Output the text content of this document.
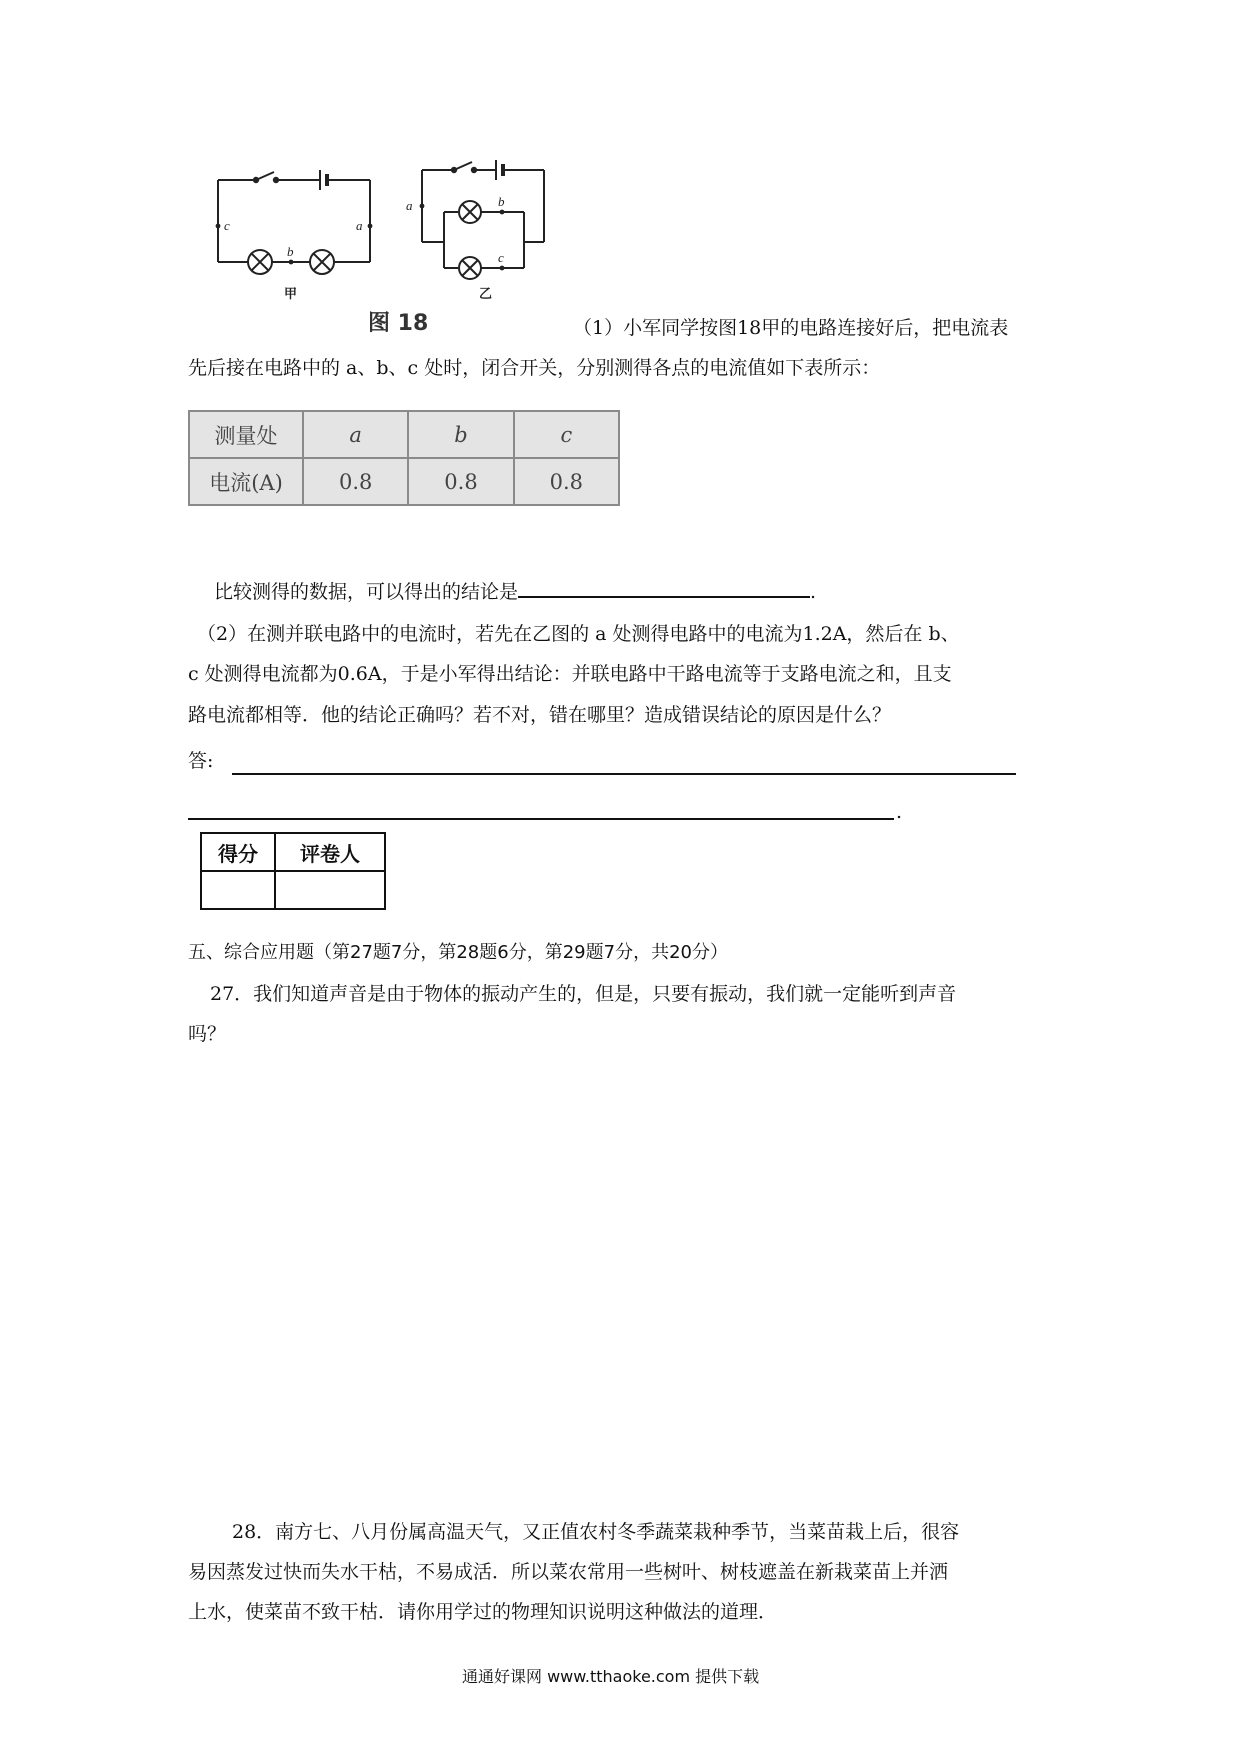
c	a
b
a	b
c
甲	乙
图 18	（1）小军同学按图18甲的电路连接好后，把电流表
先后接在电路中的 a、b、c 处时，闭合开关，分别测得各点的电流值如下表所示：
测量处	a	b	c
电流(A)	0.8	0.8	0.8
比较测得的数据，可以得出的结论是	.
（2）在测并联电路中的电流时，若先在乙图的 a 处测得电路中的电流为1.2A，然后在 b、
c 处测得电流都为0.6A，于是小军得出结论：并联电路中干路电流等于支路电流之和，且支
路电流都相等．他的结论正确吗？若不对，错在哪里？造成错误结论的原因是什么？
答:
.
得分	评卷人

五、综合应用题（第27题7分，第28题6分，第29题7分，共20分）
27．我们知道声音是由于物体的振动产生的，但是，只要有振动，我们就一定能听到声音
吗？
28．南方七、八月份属高温天气，又正值农村冬季蔬菜栽种季节，当菜苗栽上后，很容
易因蒸发过快而失水干枯，不易成活．所以菜农常用一些树叶、树枝遮盖在新栽菜苗上并洒
上水，使菜苗不致干枯．请你用学过的物理知识说明这种做法的道理．
通通好课网 www.tthaoke.com 提供下载
